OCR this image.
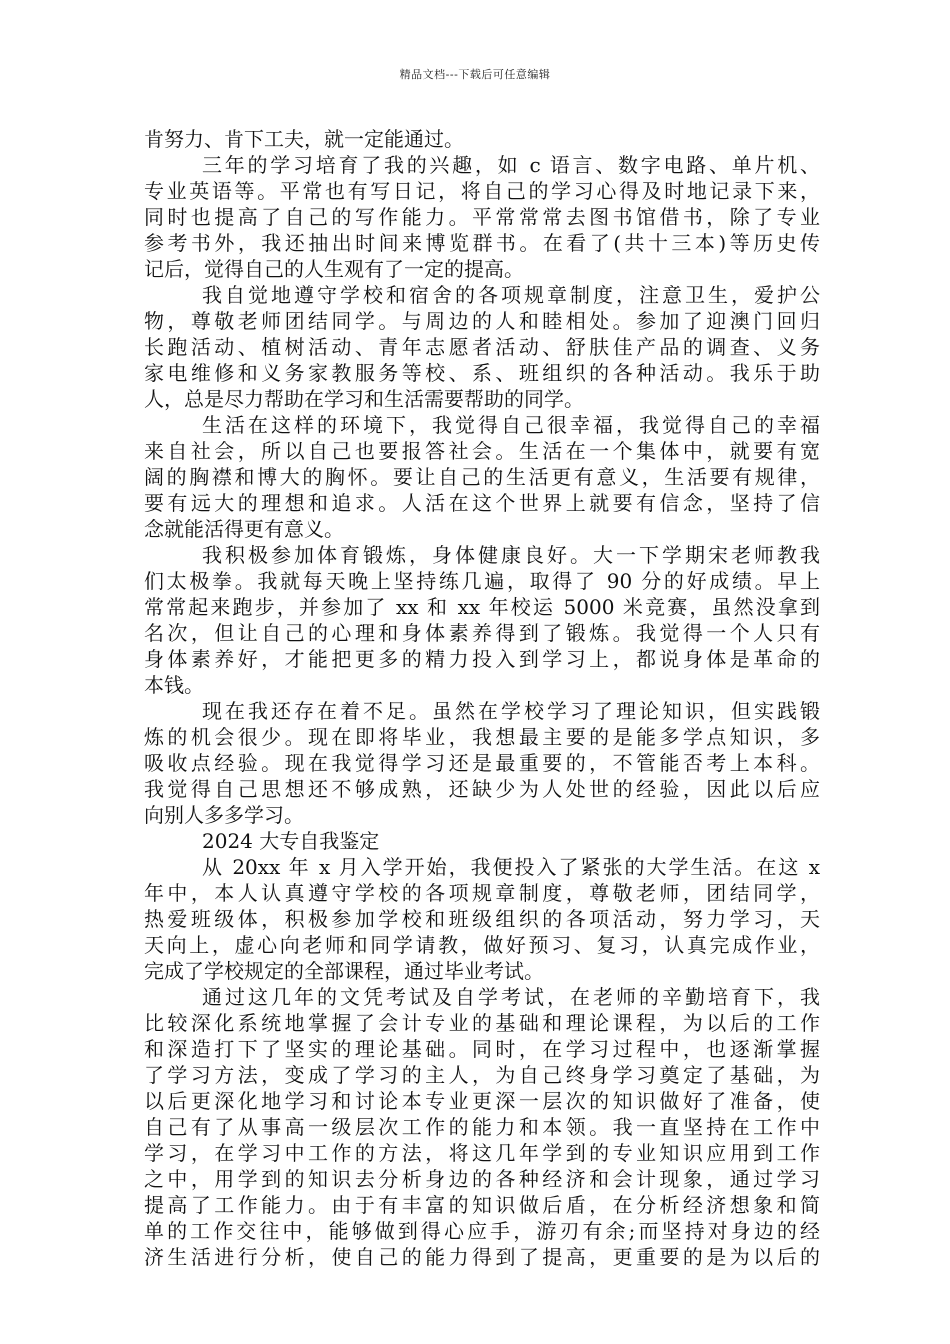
精品文档---下载后可任意编辑
肯努力、肯下工夫，就一定能通过。
三年的学习培育了我的兴趣，如 c 语言、数字电路、单片机、
专业英语等。平常也有写日记，将自己的学习心得及时地记录下来，
同时也提高了自己的写作能力。平常常常去图书馆借书，除了专业
参考书外，我还抽出时间来博览群书。在看了(共十三本)等历史传
记后，觉得自己的人生观有了一定的提高。
我自觉地遵守学校和宿舍的各项规章制度，注意卫生，爱护公
物，尊敬老师团结同学。与周边的人和睦相处。参加了迎澳门回归
长跑活动、植树活动、青年志愿者活动、舒肤佳产品的调查、义务
家电维修和义务家教服务等校、系、班组织的各种活动。我乐于助
人，总是尽力帮助在学习和生活需要帮助的同学。
生活在这样的环境下，我觉得自己很幸福，我觉得自己的幸福
来自社会，所以自己也要报答社会。生活在一个集体中，就要有宽
阔的胸襟和博大的胸怀。要让自己的生活更有意义，生活要有规律，
要有远大的理想和追求。人活在这个世界上就要有信念，坚持了信
念就能活得更有意义。
我积极参加体育锻炼，身体健康良好。大一下学期宋老师教我
们太极拳。我就每天晚上坚持练几遍，取得了 90 分的好成绩。早上
常常起来跑步，并参加了 xx 和 xx 年校运 5000 米竞赛，虽然没拿到
名次，但让自己的心理和身体素养得到了锻炼。我觉得一个人只有
身体素养好，才能把更多的精力投入到学习上，都说身体是革命的
本钱。
现在我还存在着不足。虽然在学校学习了理论知识，但实践锻
炼的机会很少。现在即将毕业，我想最主要的是能多学点知识，多
吸收点经验。现在我觉得学习还是最重要的，不管能否考上本科。
我觉得自己思想还不够成熟，还缺少为人处世的经验，因此以后应
向别人多多学习。
2024 大专自我鉴定
从 20xx 年 x 月入学开始，我便投入了紧张的大学生活。在这 x
年中，本人认真遵守学校的各项规章制度，尊敬老师，团结同学，
热爱班级体，积极参加学校和班级组织的各项活动，努力学习，天
天向上，虚心向老师和同学请教，做好预习、复习，认真完成作业，
完成了学校规定的全部课程，通过毕业考试。
通过这几年的文凭考试及自学考试，在老师的辛勤培育下，我
比较深化系统地掌握了会计专业的基础和理论课程，为以后的工作
和深造打下了坚实的理论基础。同时，在学习过程中，也逐渐掌握
了学习方法，变成了学习的主人，为自己终身学习奠定了基础，为
以后更深化地学习和讨论本专业更深一层次的知识做好了准备，使
自己有了从事高一级层次工作的能力和本领。我一直坚持在工作中
学习，在学习中工作的方法，将这几年学到的专业知识应用到工作
之中，用学到的知识去分析身边的各种经济和会计现象，通过学习
提高了工作能力。由于有丰富的知识做后盾，在分析经济想象和简
单的工作交往中，能够做到得心应手，游刃有余;而坚持对身边的经
济生活进行分析，使自己的能力得到了提高，更重要的是为以后的
